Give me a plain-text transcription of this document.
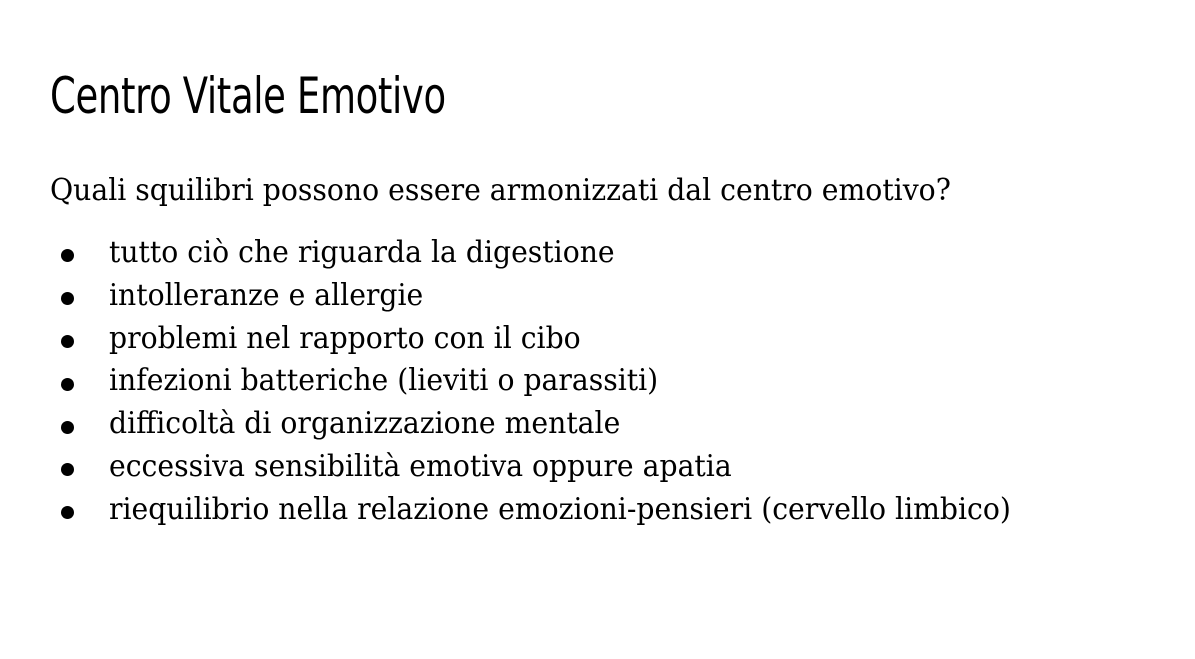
Centro Vitale Emotivo

Quali squilibri possono essere armonizzati dal centro emotivo?

tutto ciò che riguarda la digestione
intolleranze e allergie
problemi nel rapporto con il cibo
infezioni batteriche (lieviti o parassiti)
difficoltà di organizzazione mentale
eccessiva sensibilità emotiva oppure apatia
riequilibrio nella relazione emozioni-pensieri (cervello limbico)
